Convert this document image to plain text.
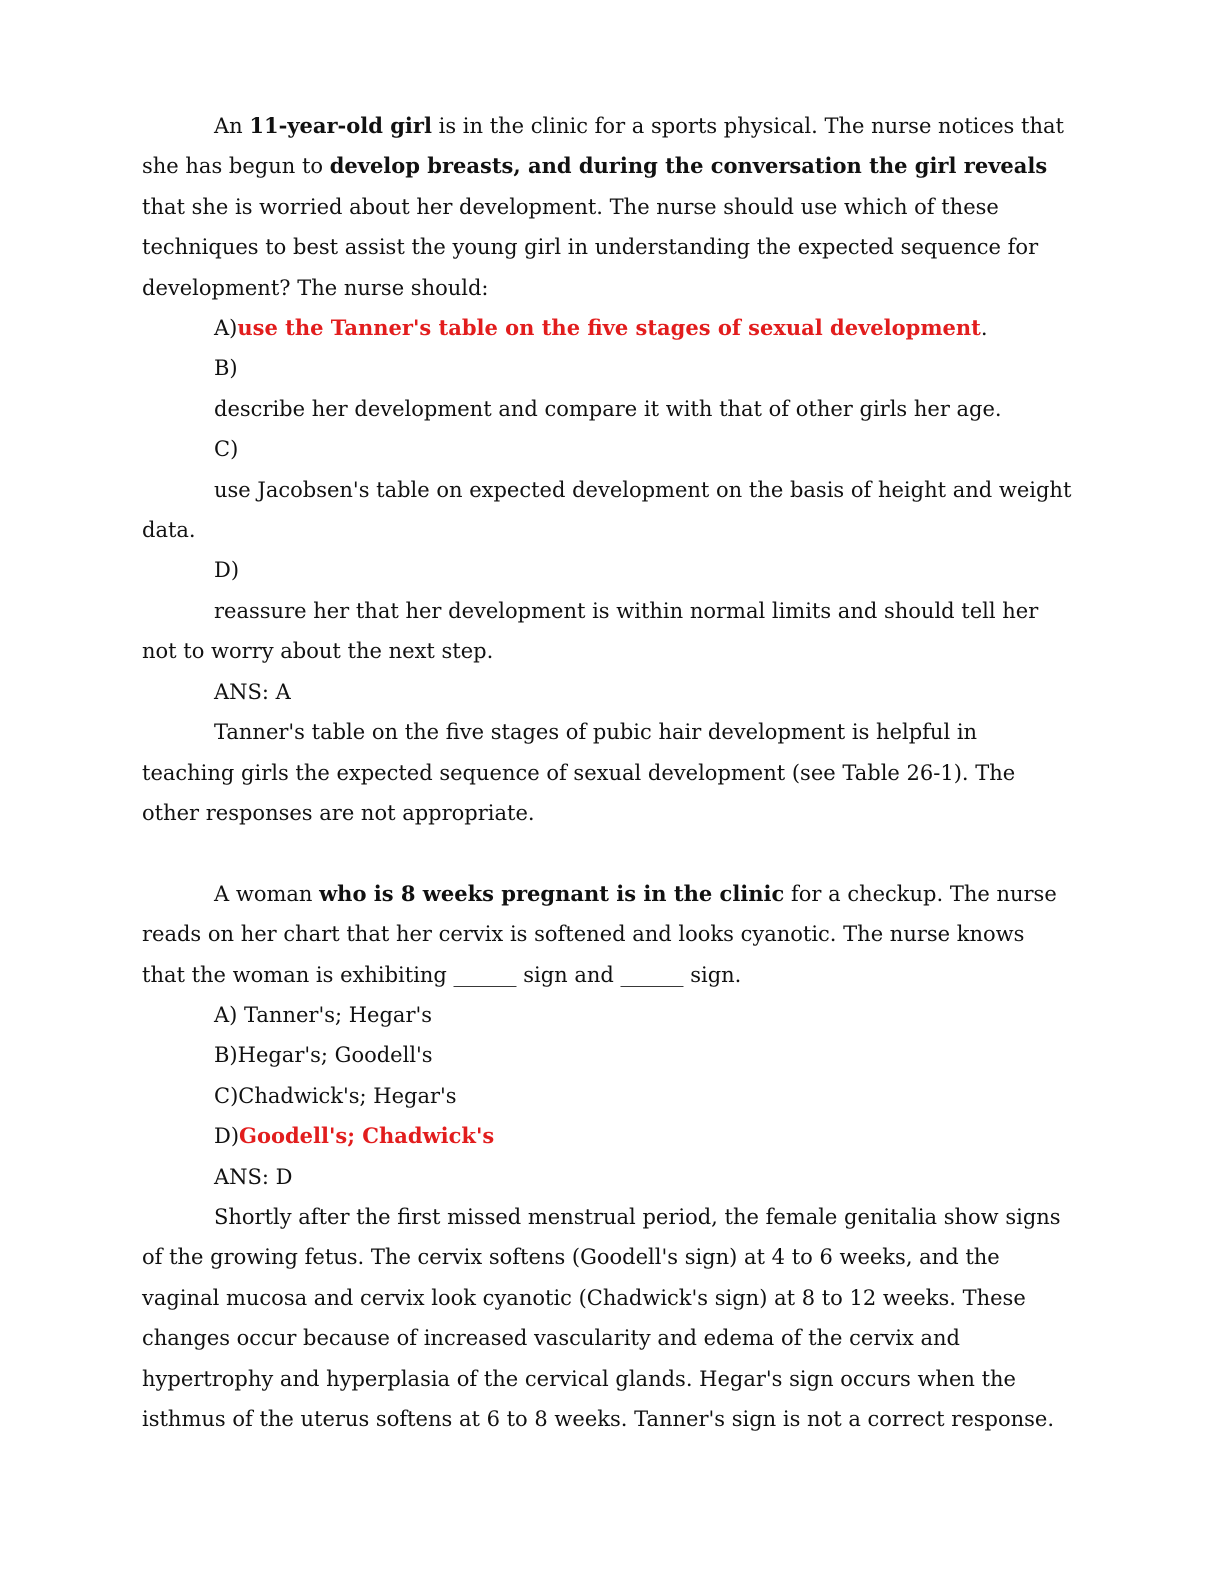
An 11-year-old girl is in the clinic for a sports physical. The nurse notices that she has begun to develop breasts, and during the conversation the girl reveals that she is worried about her development. The nurse should use which of these techniques to best assist the young girl in understanding the expected sequence for development? The nurse should:

A)use the Tanner's table on the five stages of sexual development.

B)

describe her development and compare it with that of other girls her age.

C)

use Jacobsen's table on expected development on the basis of height and weight data.

D)

reassure her that her development is within normal limits and should tell her not to worry about the next step.

ANS: A

Tanner's table on the five stages of pubic hair development is helpful in teaching girls the expected sequence of sexual development (see Table 26-1). The other responses are not appropriate.

A woman who is 8 weeks pregnant is in the clinic for a checkup. The nurse reads on her chart that her cervix is softened and looks cyanotic. The nurse knows that the woman is exhibiting ______ sign and ______ sign.

A) Tanner's; Hegar's

B)Hegar's; Goodell's

C)Chadwick's; Hegar's

D)Goodell's; Chadwick's

ANS: D

Shortly after the first missed menstrual period, the female genitalia show signs of the growing fetus. The cervix softens (Goodell's sign) at 4 to 6 weeks, and the vaginal mucosa and cervix look cyanotic (Chadwick's sign) at 8 to 12 weeks. These changes occur because of increased vascularity and edema of the cervix and hypertrophy and hyperplasia of the cervical glands. Hegar's sign occurs when the isthmus of the uterus softens at 6 to 8 weeks. Tanner's sign is not a correct response.
